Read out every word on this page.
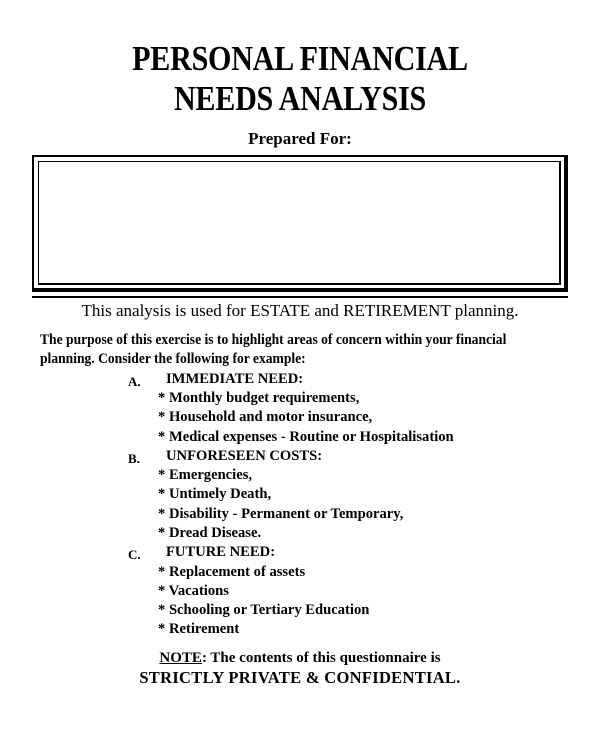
PERSONAL FINANCIAL
NEEDS ANALYSIS
Prepared For:
This analysis is used for ESTATE and RETIREMENT planning.
The purpose of this exercise is to highlight areas of concern within your financial
planning. Consider the following for example:
A. IMMEDIATE NEED:
* Monthly budget requirements,
* Household and motor insurance,
* Medical expenses - Routine or Hospitalisation
B. UNFORESEEN COSTS:
* Emergencies,
* Untimely Death,
* Disability - Permanent or Temporary,
* Dread Disease.
C. FUTURE NEED:
* Replacement of assets
* Vacations
* Schooling or Tertiary Education
* Retirement
NOTE: The contents of this questionnaire is
STRICTLY PRIVATE & CONFIDENTIAL.
